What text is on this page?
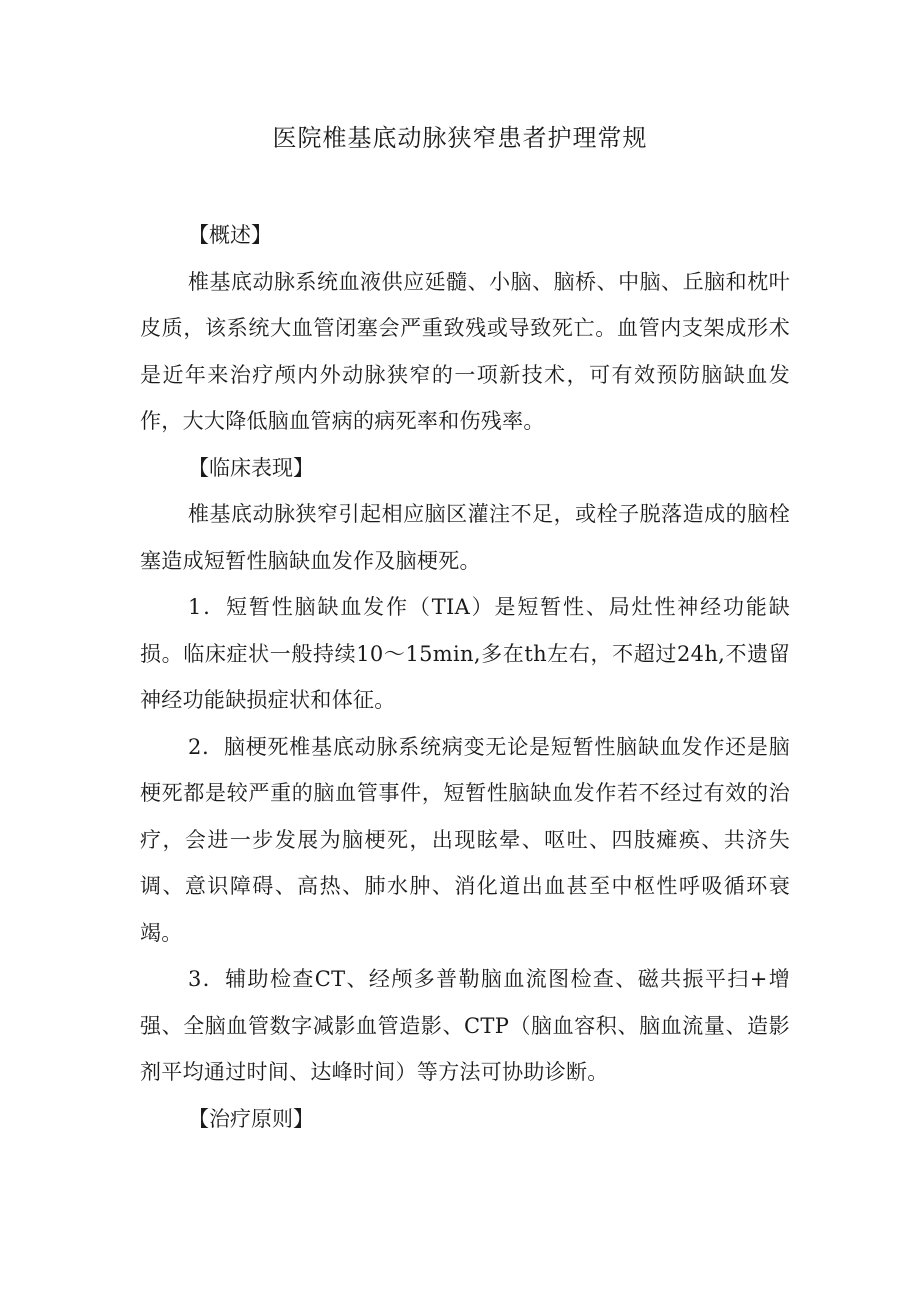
医院椎基底动脉狭窄患者护理常规

【概述】

椎基底动脉系统血液供应延髓、小脑、脑桥、中脑、丘脑和枕叶皮质，该系统大血管闭塞会严重致残或导致死亡。血管内支架成形术是近年来治疗颅内外动脉狭窄的一项新技术，可有效预防脑缺血发作，大大降低脑血管病的病死率和伤残率。

【临床表现】

椎基底动脉狭窄引起相应脑区灌注不足，或栓子脱落造成的脑栓塞造成短暂性脑缺血发作及脑梗死。

1．短暂性脑缺血发作（TIA）是短暂性、局灶性神经功能缺损。临床症状一般持续10～15min,多在th左右，不超过24h,不遗留神经功能缺损症状和体征。

2．脑梗死椎基底动脉系统病变无论是短暂性脑缺血发作还是脑梗死都是较严重的脑血管事件，短暂性脑缺血发作若不经过有效的治疗，会进一步发展为脑梗死，出现眩晕、呕吐、四肢瘫痪、共济失调、意识障碍、高热、肺水肿、消化道出血甚至中枢性呼吸循环衰竭。

3．辅助检查CT、经颅多普勒脑血流图检查、磁共振平扫+增强、全脑血管数字减影血管造影、CTP（脑血容积、脑血流量、造影剂平均通过时间、达峰时间）等方法可协助诊断。

【治疗原则】
